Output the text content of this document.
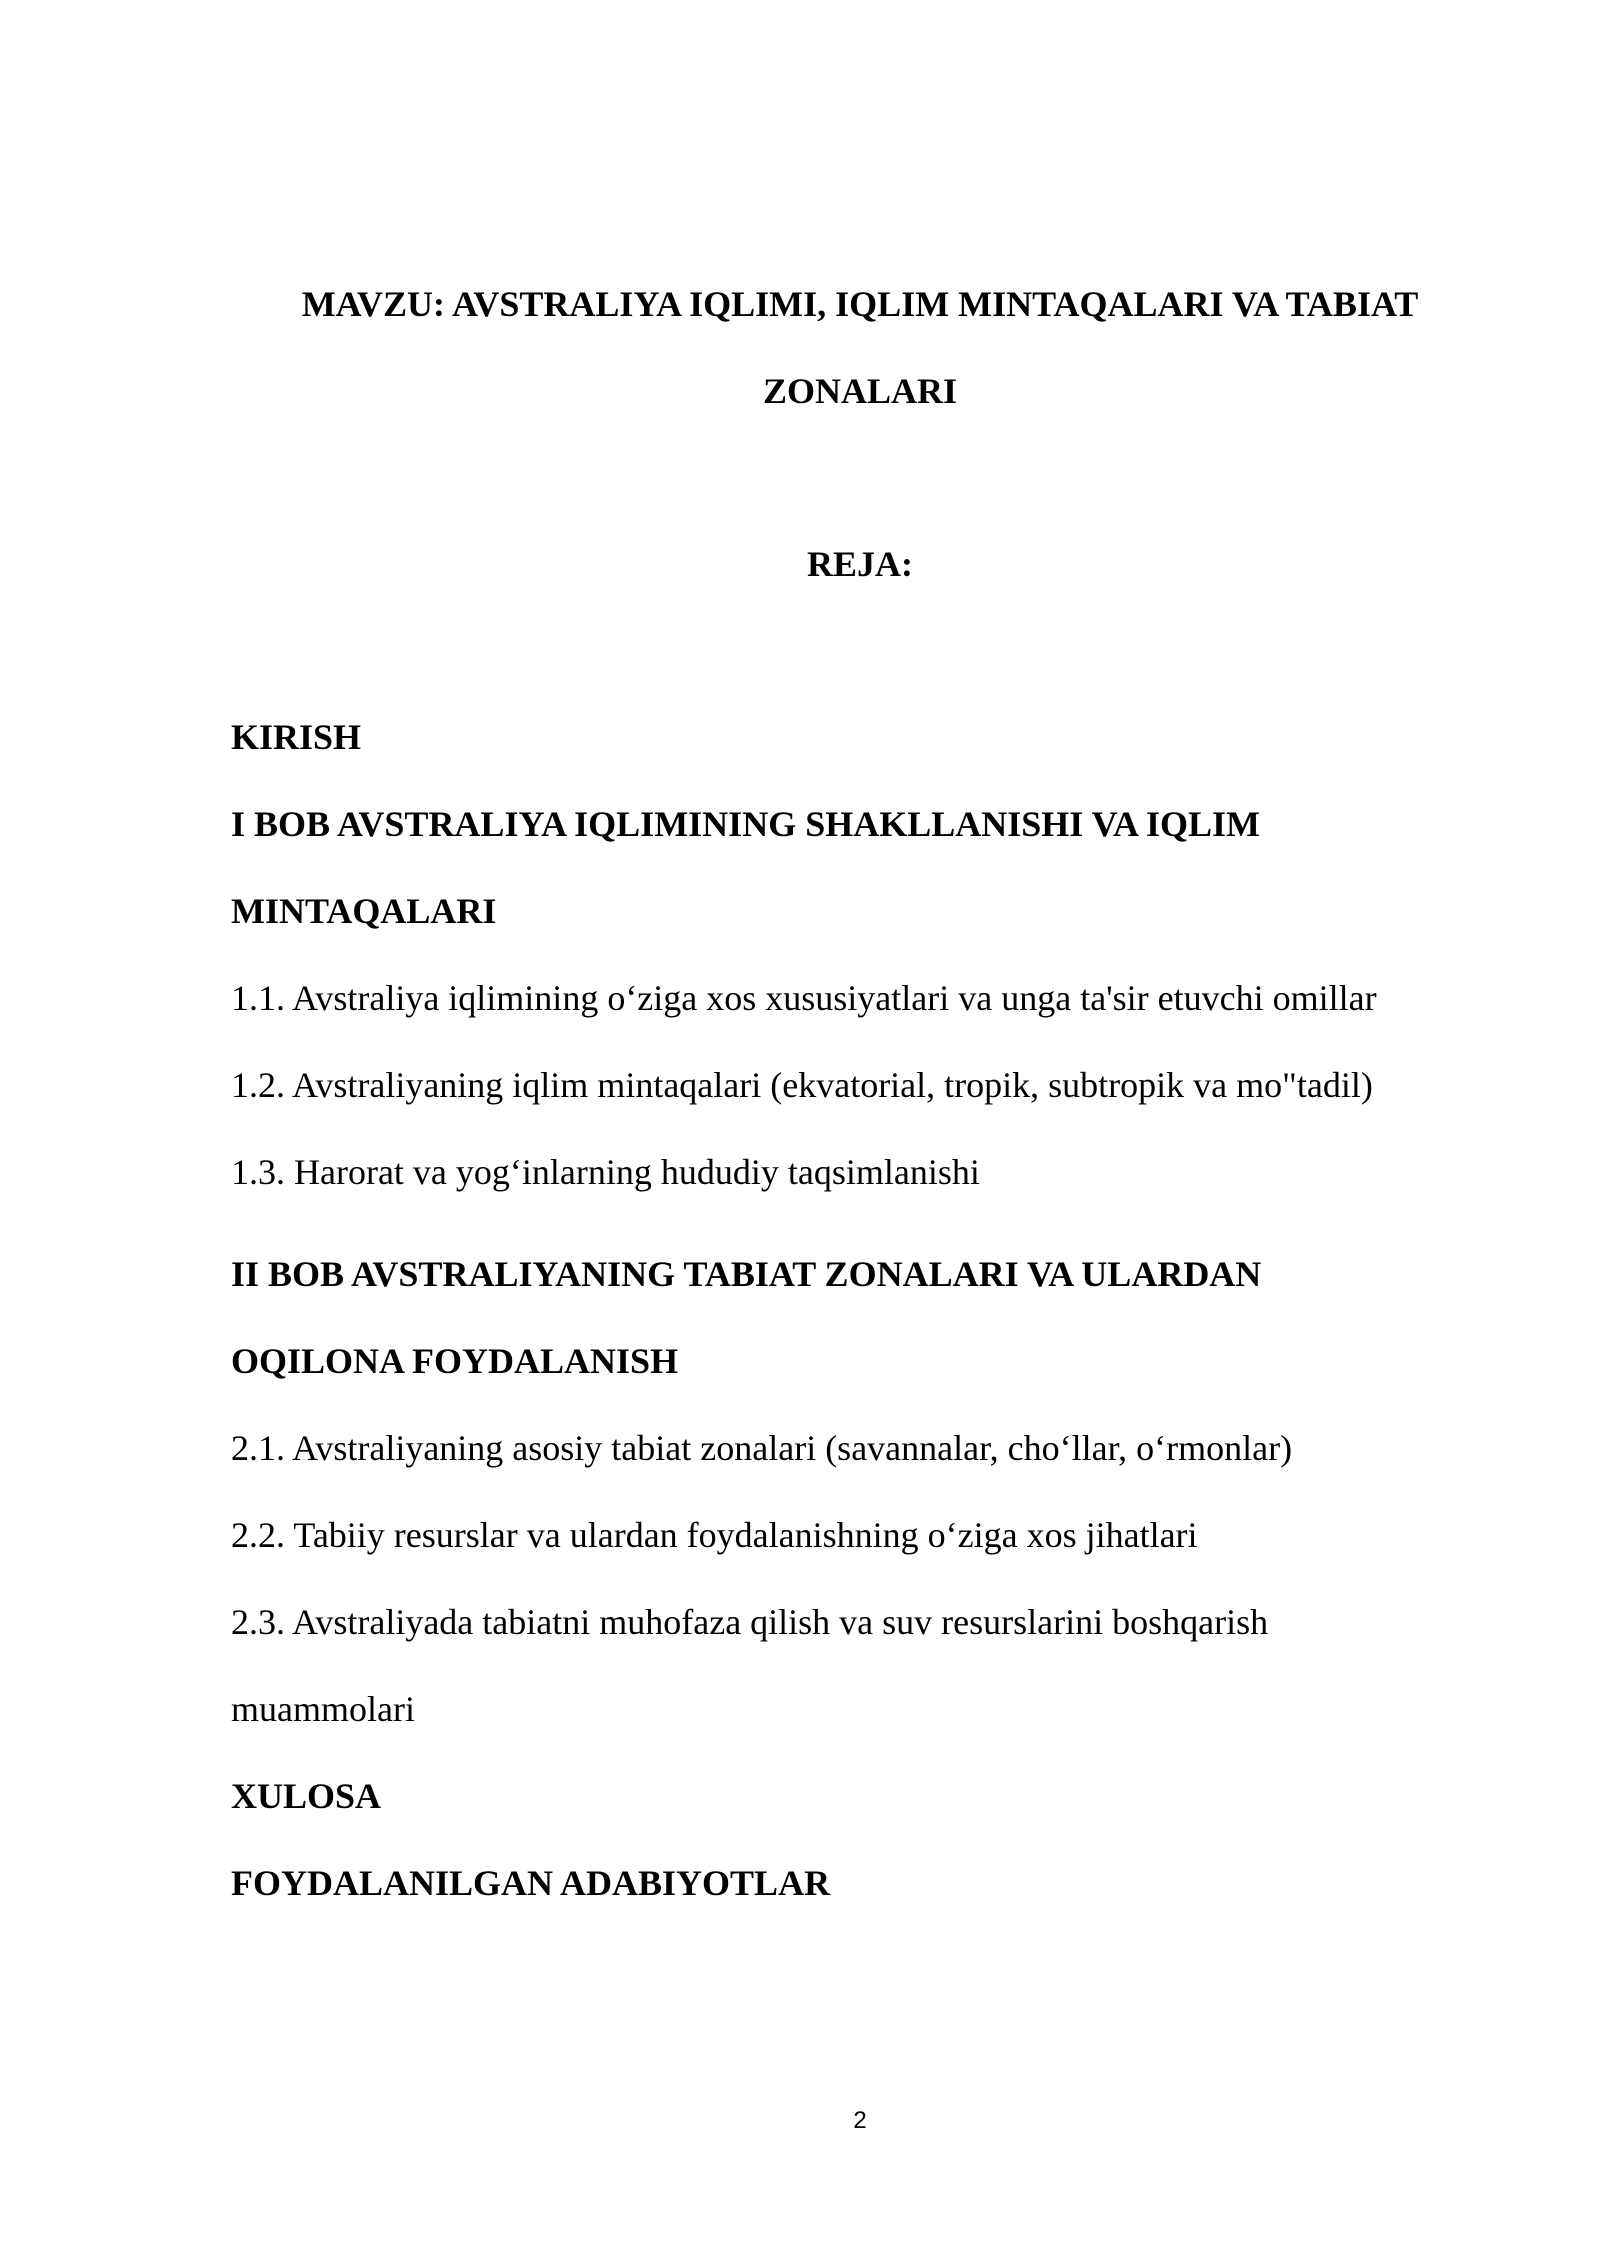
MAVZU: AVSTRALIYA IQLIMI, IQLIM MINTAQALARI VA TABIAT
ZONALARI
REJA:
KIRISH
I BOB AVSTRALIYA IQLIMINING SHAKLLANISHI VA IQLIM
MINTAQALARI
1.1. Avstraliya iqlimining o‘ziga xos xususiyatlari va unga ta'sir etuvchi omillar
1.2. Avstraliyaning iqlim mintaqalari (ekvatorial, tropik, subtropik va mo"tadil)
1.3. Harorat va yog‘inlarning hududiy taqsimlanishi
II BOB AVSTRALIYANING TABIAT ZONALARI VA ULARDAN
OQILONA FOYDALANISH
2.1. Avstraliyaning asosiy tabiat zonalari (savannalar, cho‘llar, o‘rmonlar)
2.2. Tabiiy resurslar va ulardan foydalanishning o‘ziga xos jihatlari
2.3. Avstraliyada tabiatni muhofaza qilish va suv resurslarini boshqarish
muammolari
XULOSA
FOYDALANILGAN ADABIYOTLAR
2
